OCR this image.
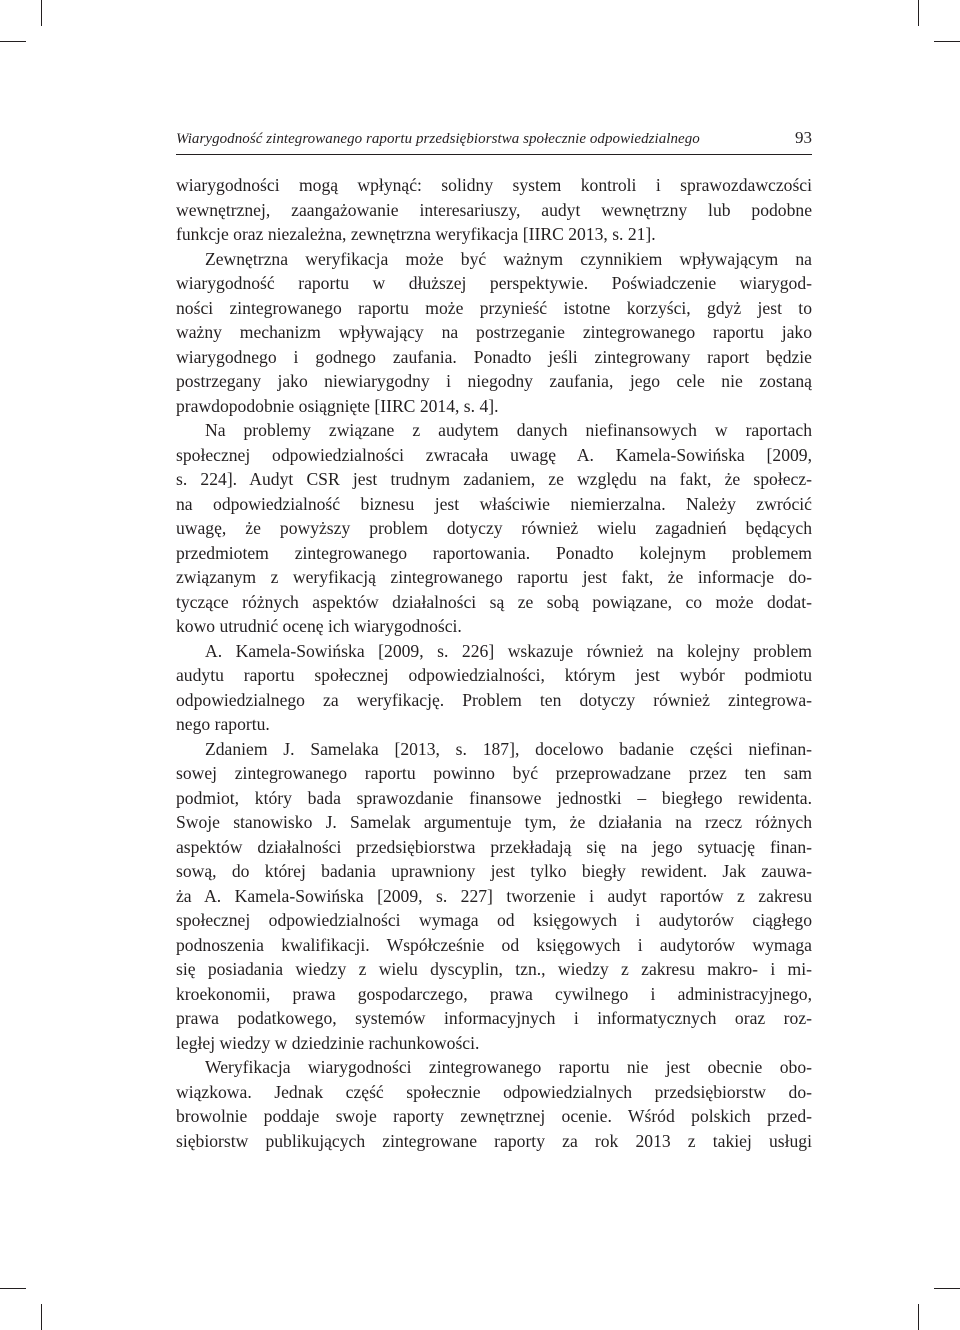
Wiarygodność zintegrowanego raportu przedsiębiorstwa społecznie odpowiedzialnego	93
wiarygodności mogą wpłynąć: solidny system kontroli i sprawozdawczości
wewnętrznej, zaangażowanie interesariuszy, audyt wewnętrzny lub podobne
funkcje oraz niezależna, zewnętrzna weryfikacja [IIRC 2013, s. 21].
Zewnętrzna weryfikacja może być ważnym czynnikiem wpływającym na
wiarygodność raportu w dłuższej perspektywie. Poświadczenie wiarygod-
ności zintegrowanego raportu może przynieść istotne korzyści, gdyż jest to
ważny mechanizm wpływający na postrzeganie zintegrowanego raportu jako
wiarygodnego i godnego zaufania. Ponadto jeśli zintegrowany raport będzie
postrzegany jako niewiarygodny i niegodny zaufania, jego cele nie zostaną
prawdopodobnie osiągnięte [IIRC 2014, s. 4].
Na problemy związane z audytem danych niefinansowych w raportach
społecznej odpowiedzialności zwracała uwagę A. Kamela-Sowińska [2009,
s. 224]. Audyt CSR jest trudnym zadaniem, ze względu na fakt, że społecz-
na odpowiedzialność biznesu jest właściwie niemierzalna. Należy zwrócić
uwagę, że powyższy problem dotyczy również wielu zagadnień będących
przedmiotem zintegrowanego raportowania. Ponadto kolejnym problemem
związanym z weryfikacją zintegrowanego raportu jest fakt, że informacje do-
tyczące różnych aspektów działalności są ze sobą powiązane, co może dodat-
kowo utrudnić ocenę ich wiarygodności.
A. Kamela-Sowińska [2009, s. 226] wskazuje również na kolejny problem
audytu raportu społecznej odpowiedzialności, którym jest wybór podmiotu
odpowiedzialnego za weryfikację. Problem ten dotyczy również zintegrowa-
nego raportu.
Zdaniem J. Samelaka [2013, s. 187], docelowo badanie części niefinan-
sowej zintegrowanego raportu powinno być przeprowadzane przez ten sam
podmiot, który bada sprawozdanie finansowe jednostki – biegłego rewidenta.
Swoje stanowisko J. Samelak argumentuje tym, że działania na rzecz różnych
aspektów działalności przedsiębiorstwa przekładają się na jego sytuację finan-
sową, do której badania uprawniony jest tylko biegły rewident. Jak zauwa-
ża A. Kamela-Sowińska [2009, s. 227] tworzenie i audyt raportów z zakresu
społecznej odpowiedzialności wymaga od księgowych i audytorów ciągłego
podnoszenia kwalifikacji. Współcześnie od księgowych i audytorów wymaga
się posiadania wiedzy z wielu dyscyplin, tzn., wiedzy z zakresu makro- i mi-
kroekonomii, prawa gospodarczego, prawa cywilnego i administracyjnego,
prawa podatkowego, systemów informacyjnych i informatycznych oraz roz-
ległej wiedzy w dziedzinie rachunkowości.
Weryfikacja wiarygodności zintegrowanego raportu nie jest obecnie obo-
wiązkowa. Jednak część społecznie odpowiedzialnych przedsiębiorstw do-
browolnie poddaje swoje raporty zewnętrznej ocenie. Wśród polskich przed-
siębiorstw publikujących zintegrowane raporty za rok 2013 z takiej usługi
